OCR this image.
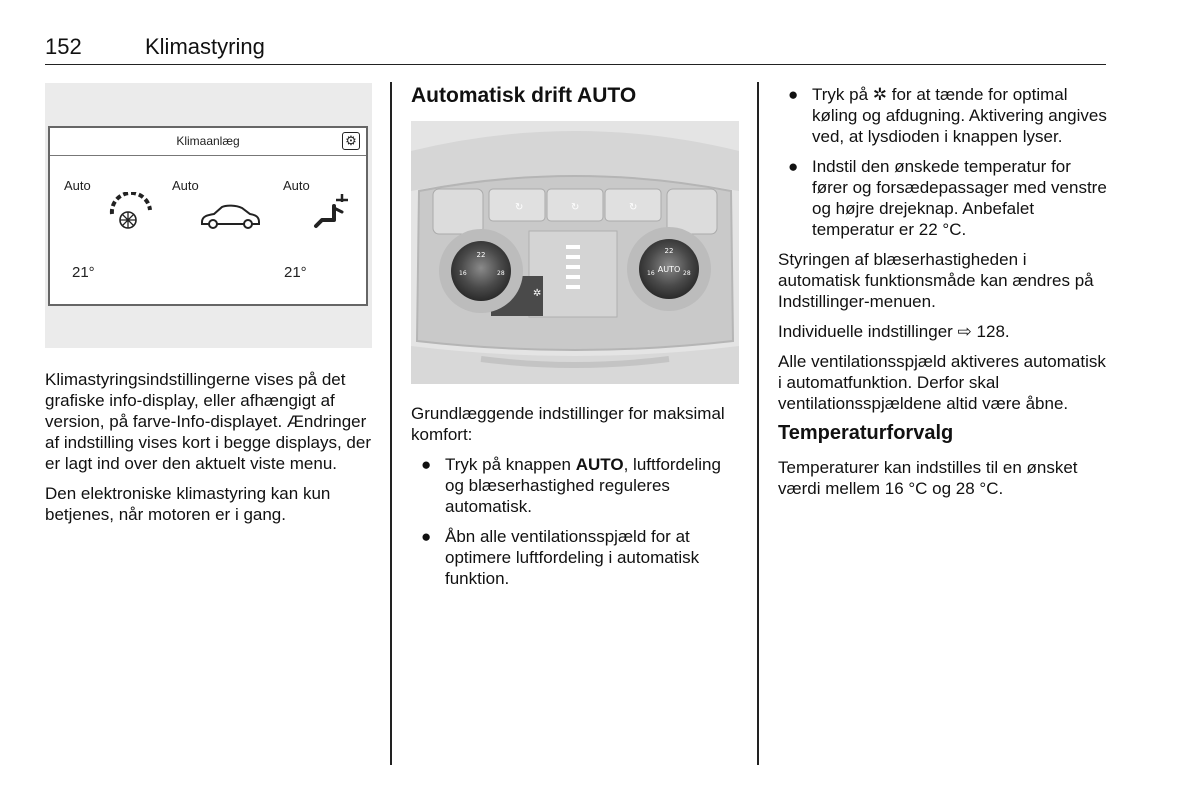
152	Klimastyring
Klimaanlæg	⚙
Auto	Auto	Auto
21°	21°

Klimastyringsindstillingerne vises på det grafiske info-display, eller afhængigt af version, på farve-Info-displayet. Ændringer af indstilling vises kort i begge displays, der er lagt ind over den aktuelt viste menu.

Den elektroniske klimastyring kan kun betjenes, når motoren er i gang.

Automatisk drift AUTO
↻	↻	↻
✲
22
16	28
22
AUTO
16	28

Grundlæggende indstillinger for maksimal komfort:

● Tryk på knappen AUTO, luftfordeling og blæserhastighed reguleres automatisk.
● Åbn alle ventilationsspjæld for at optimere luftfordeling i automatisk funktion.
● Tryk på ✲ for at tænde for optimal køling og afdugning. Aktivering angives ved, at lysdioden i knappen lyser.
● Indstil den ønskede temperatur for fører og forsædepassager med venstre og højre drejeknap. Anbefalet temperatur er 22 °C.

Styringen af blæserhastigheden i automatisk funktionsmåde kan ændres på Indstillinger-menuen.

Individuelle indstillinger ⇨ 128.

Alle ventilationsspjæld aktiveres automatisk i automatfunktion. Derfor skal ventilationsspjældene altid være åbne.

Temperaturforvalg

Temperaturer kan indstilles til en ønsket værdi mellem 16 °C og 28 °C.
